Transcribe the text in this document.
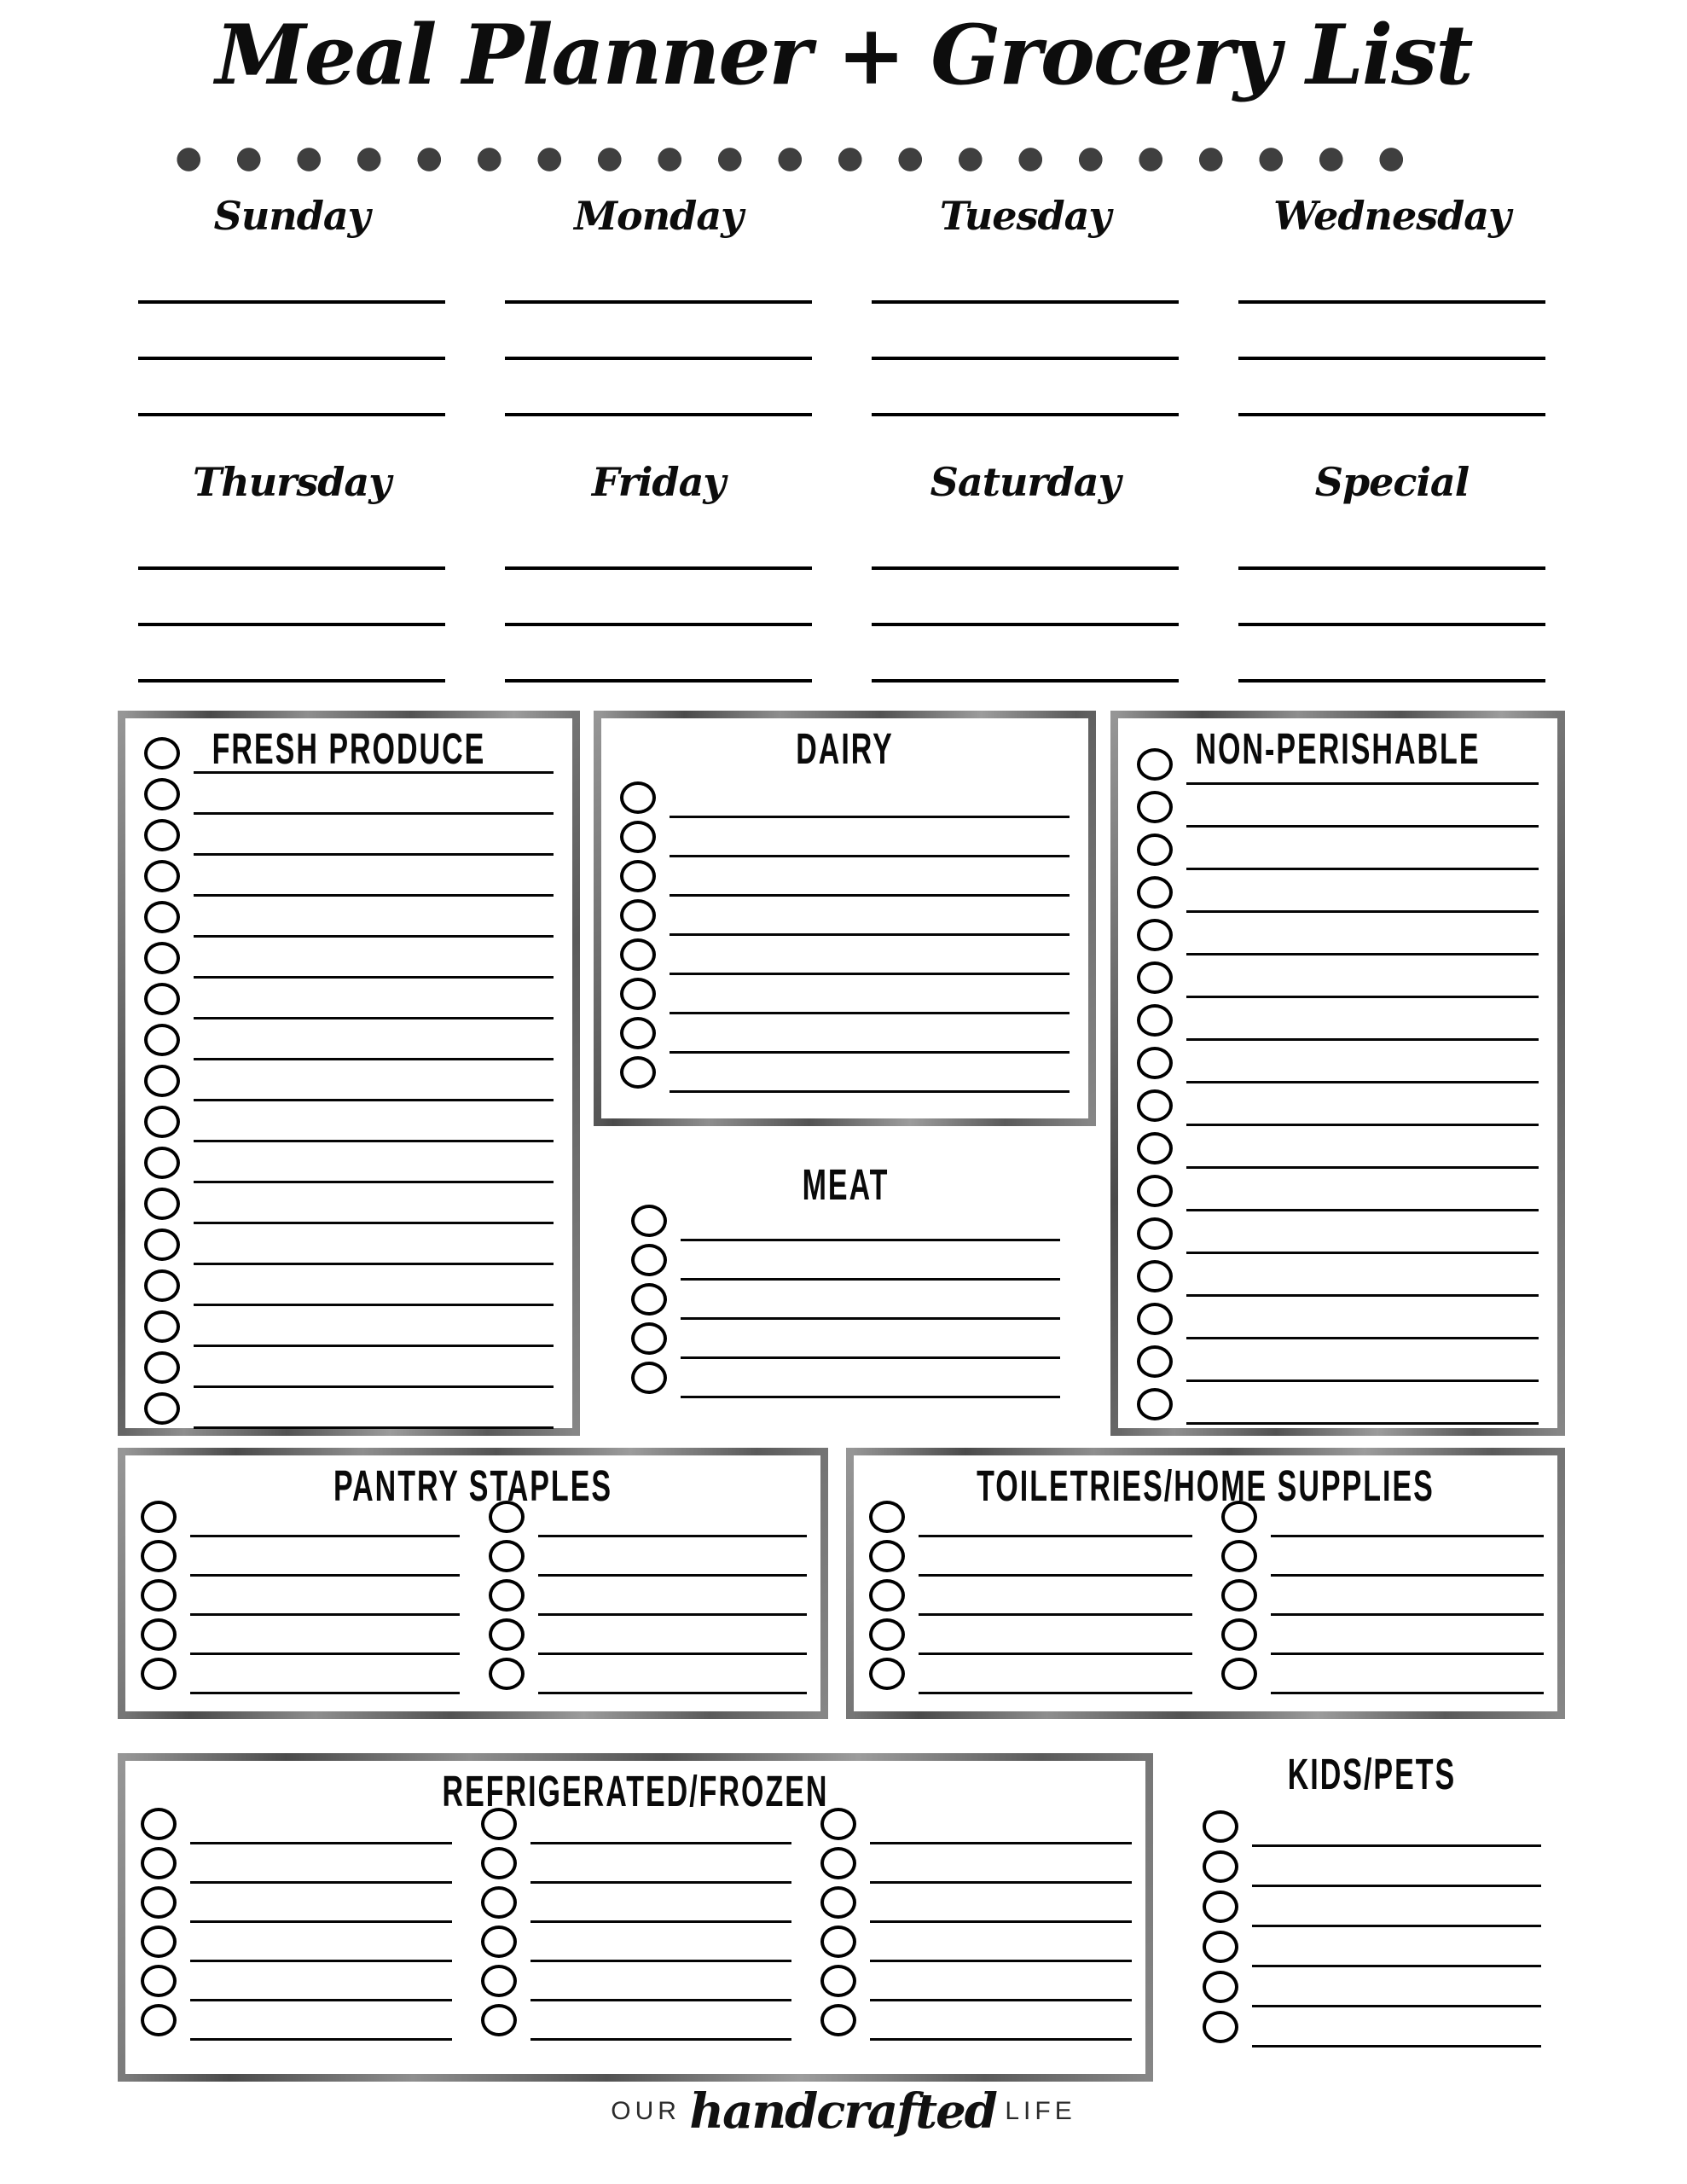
Meal Planner + Grocery List
Sunday	Monday	Tuesday	Wednesday
Thursday	Friday	Saturday	Special
FRESH PRODUCE	DAIRY
MEAT
NON-PERISHABLE
PANTRY STAPLES	TOILETRIES/HOME SUPPLIES
REFRIGERATED/FROZEN	KIDS/PETS
OUR handcrafted LIFE
